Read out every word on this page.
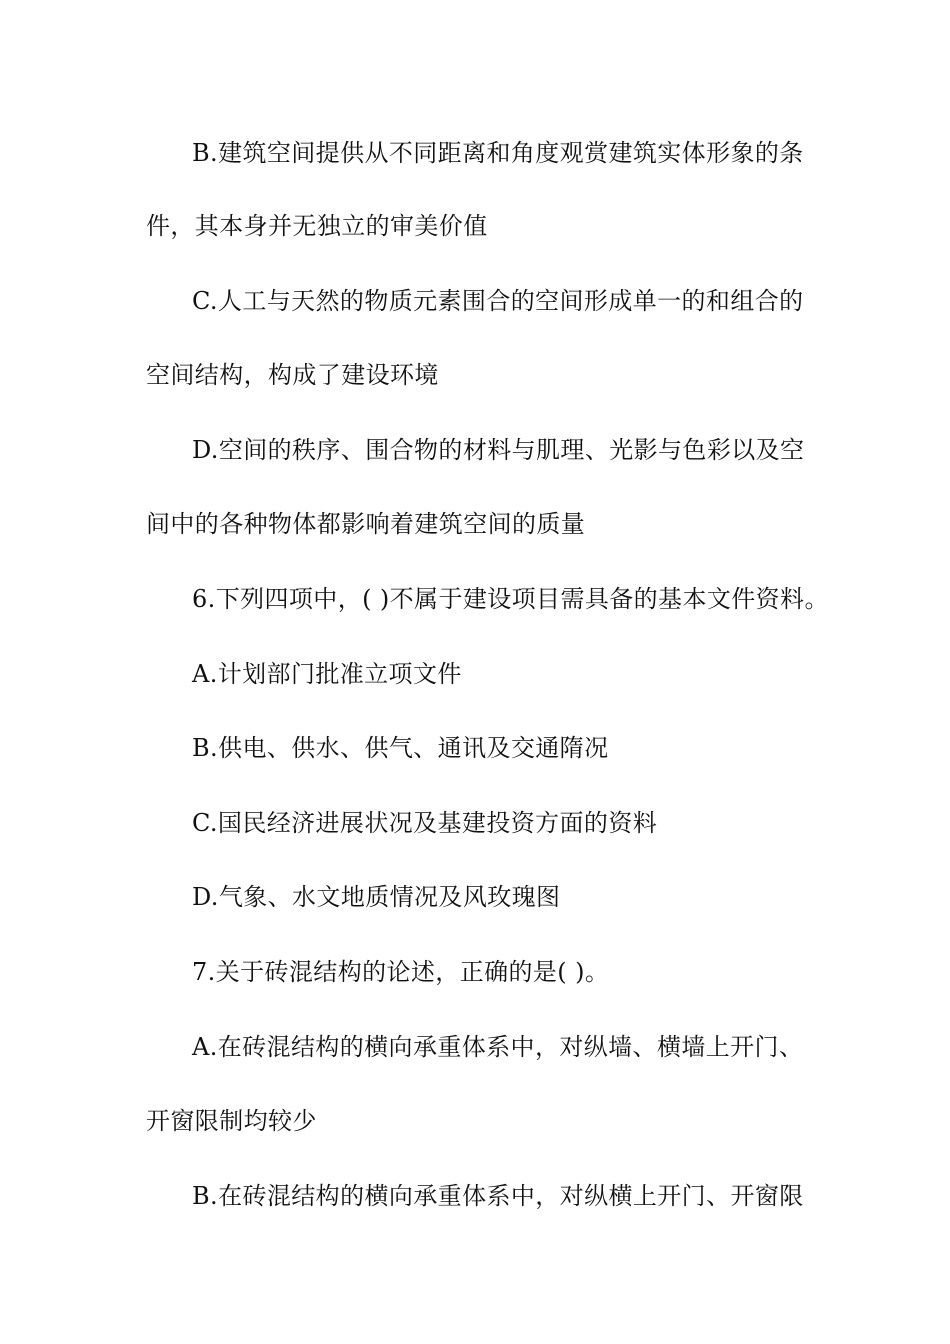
B.建筑空间提供从不同距离和角度观赏建筑实体形象的条
件，其本身并无独立的审美价值
C.人工与天然的物质元素围合的空间形成单一的和组合的
空间结构，构成了建设环境
D.空间的秩序、围合物的材料与肌理、光影与色彩以及空
间中的各种物体都影响着建筑空间的质量
6.下列四项中，( )不属于建设项目需具备的基本文件资料。
A.计划部门批准立项文件
B.供电、供水、供气、通讯及交通隋况
C.国民经济进展状况及基建投资方面的资料
D.气象、水文地质情况及风玫瑰图
7.关于砖混结构的论述，正确的是( )。
A.在砖混结构的横向承重体系中，对纵墙、横墙上开门、
开窗限制均较少
B.在砖混结构的横向承重体系中，对纵横上开门、开窗限
